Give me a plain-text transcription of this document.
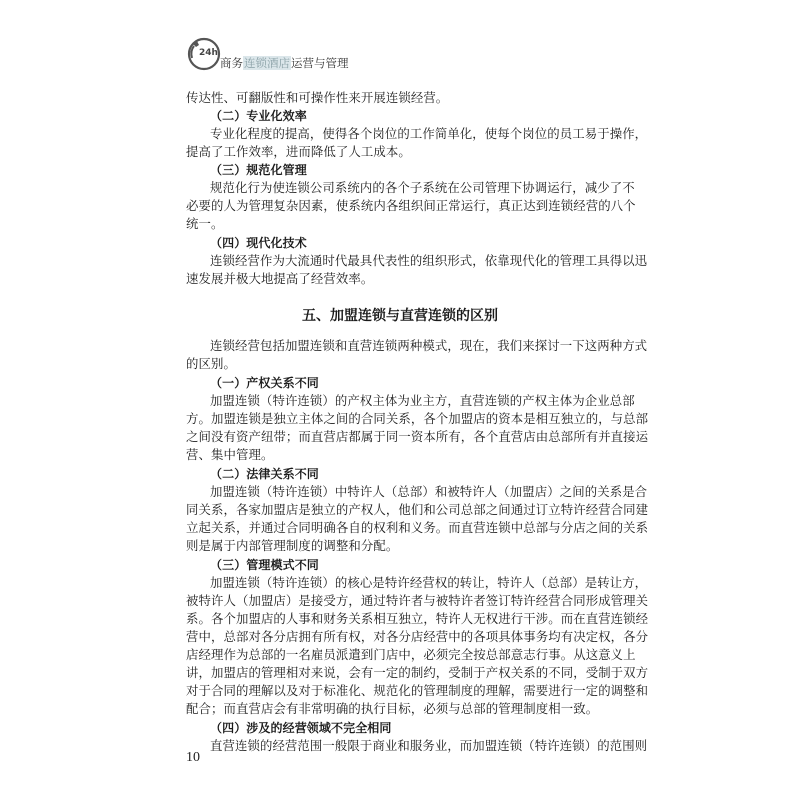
24h
商务连锁酒店运营与管理
传达性、可翻版性和可操作性来开展连锁经营。
（二）专业化效率
专业化程度的提高，使得各个岗位的工作简单化，使每个岗位的员工易于操作，
提高了工作效率，进而降低了人工成本。
（三）规范化管理
规范化行为使连锁公司系统内的各个子系统在公司管理下协调运行，减少了不
必要的人为管理复杂因素，使系统内各组织间正常运行，真正达到连锁经营的八个
统一。
（四）现代化技术
连锁经营作为大流通时代最具代表性的组织形式，依靠现代化的管理工具得以迅
速发展并极大地提高了经营效率。
五、加盟连锁与直营连锁的区别
连锁经营包括加盟连锁和直营连锁两种模式，现在，我们来探讨一下这两种方式
的区别。
（一）产权关系不同
加盟连锁（特许连锁）的产权主体为业主方，直营连锁的产权主体为企业总部
方。加盟连锁是独立主体之间的合同关系，各个加盟店的资本是相互独立的，与总部
之间没有资产纽带；而直营店都属于同一资本所有，各个直营店由总部所有并直接运
营、集中管理。
（二）法律关系不同
加盟连锁（特许连锁）中特许人（总部）和被特许人（加盟店）之间的关系是合
同关系，各家加盟店是独立的产权人，他们和公司总部之间通过订立特许经营合同建
立起关系，并通过合同明确各自的权利和义务。而直营连锁中总部与分店之间的关系
则是属于内部管理制度的调整和分配。
（三）管理模式不同
加盟连锁（特许连锁）的核心是特许经营权的转让，特许人（总部）是转让方，
被特许人（加盟店）是接受方，通过特许者与被特许者签订特许经营合同形成管理关
系。各个加盟店的人事和财务关系相互独立，特许人无权进行干涉。而在直营连锁经
营中，总部对各分店拥有所有权，对各分店经营中的各项具体事务均有决定权，各分
店经理作为总部的一名雇员派遣到门店中，必须完全按总部意志行事。从这意义上
讲，加盟店的管理相对来说，会有一定的制约，受制于产权关系的不同，受制于双方
对于合同的理解以及对于标准化、规范化的管理制度的理解，需要进行一定的调整和
配合；而直营店会有非常明确的执行目标，必须与总部的管理制度相一致。
（四）涉及的经营领域不完全相同
直营连锁的经营范围一般限于商业和服务业，而加盟连锁（特许连锁）的范围则
10
